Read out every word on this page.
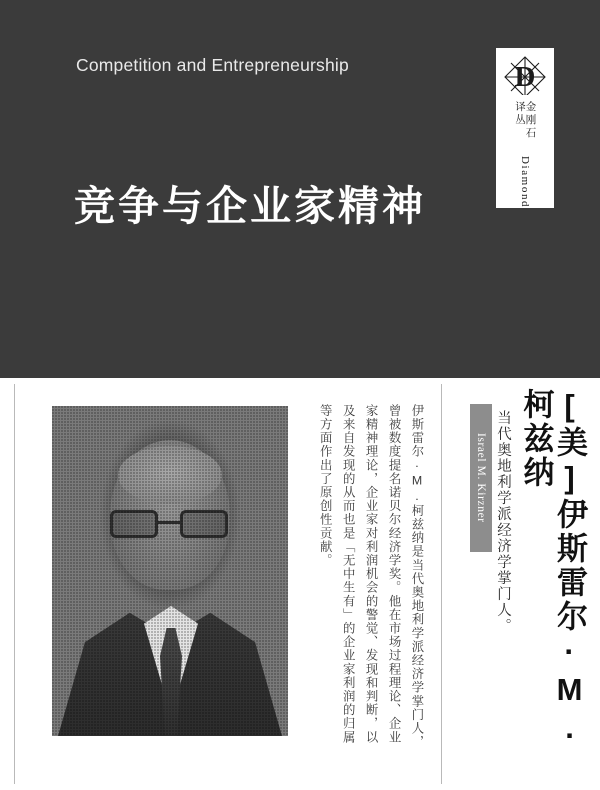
Competition and Entrepreneurship
竞争与企业家精神
D
金刚石译丛
Diamond
伊斯雷尔·M.柯兹纳是当代奥地利学派经济学掌门人，曾被数度提名诺贝尔经济学奖。他在市场过程理论、企业家精神理论，企业家对利润机会的警觉、发现和判断，以及来自发现的从而也是「无中生有」的企业家利润的归属等方面作出了原创性贡献。	Israel M. Kirzner 当代奥地利学派经济学掌门人。	[美]伊斯雷尔·M.柯兹纳
